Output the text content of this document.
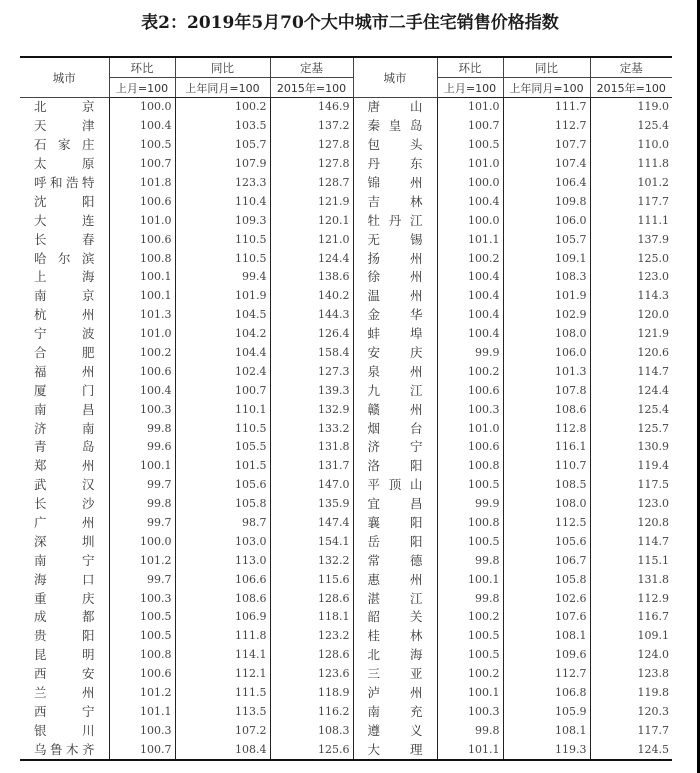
表2：2019年5月70个大中城市二手住宅销售价格指数
城市	环比	同比	定基	城市	环比	同比	定基
	上月=100	上年同月=100	2015年=100		上月=100	上年同月=100	2015年=100
北京	100.0	100.2	146.9	唐山	101.0	111.7	119.0
天津	100.4	103.5	137.2	秦皇岛	100.7	112.7	125.4
石家庄	100.5	105.7	127.8	包头	100.5	107.7	110.0
太原	100.7	107.9	127.8	丹东	101.0	107.4	111.8
呼和浩特	101.8	123.3	128.7	锦州	100.0	106.4	101.2
沈阳	100.6	110.4	121.9	吉林	100.4	109.8	117.7
大连	101.0	109.3	120.1	牡丹江	100.0	106.0	111.1
长春	100.6	110.5	121.0	无锡	101.1	105.7	137.9
哈尔滨	100.8	110.5	124.4	扬州	100.2	109.1	125.0
上海	100.1	99.4	138.6	徐州	100.4	108.3	123.0
南京	100.1	101.9	140.2	温州	100.4	101.9	114.3
杭州	101.3	104.5	144.3	金华	100.4	102.9	120.0
宁波	101.0	104.2	126.4	蚌埠	100.4	108.0	121.9
合肥	100.2	104.4	158.4	安庆	99.9	106.0	120.6
福州	100.6	102.4	127.3	泉州	100.2	101.3	114.7
厦门	100.4	100.7	139.3	九江	100.6	107.8	124.4
南昌	100.3	110.1	132.9	赣州	100.3	108.6	125.4
济南	99.8	110.5	133.2	烟台	101.0	112.8	125.7
青岛	99.6	105.5	131.8	济宁	100.6	116.1	130.9
郑州	100.1	101.5	131.7	洛阳	100.8	110.7	119.4
武汉	99.7	105.6	147.0	平顶山	100.5	108.5	117.5
长沙	99.8	105.8	135.9	宜昌	99.9	108.0	123.0
广州	99.7	98.7	147.4	襄阳	100.8	112.5	120.8
深圳	100.0	103.0	154.1	岳阳	100.5	105.6	114.7
南宁	101.2	113.0	132.2	常德	99.8	106.7	115.1
海口	99.7	106.6	115.6	惠州	100.1	105.8	131.8
重庆	100.3	108.6	128.6	湛江	99.8	102.6	112.9
成都	100.5	106.9	118.1	韶关	100.2	107.6	116.7
贵阳	100.5	111.8	123.2	桂林	100.5	108.1	109.1
昆明	100.8	114.1	128.6	北海	100.5	109.6	124.0
西安	100.6	112.1	123.6	三亚	100.2	112.7	123.8
兰州	101.2	111.5	118.9	泸州	100.1	106.8	119.8
西宁	101.1	113.5	116.2	南充	100.3	105.9	120.3
银川	100.3	107.2	108.3	遵义	99.8	108.1	117.7
乌鲁木齐	100.7	108.4	125.6	大理	101.1	119.3	124.5
